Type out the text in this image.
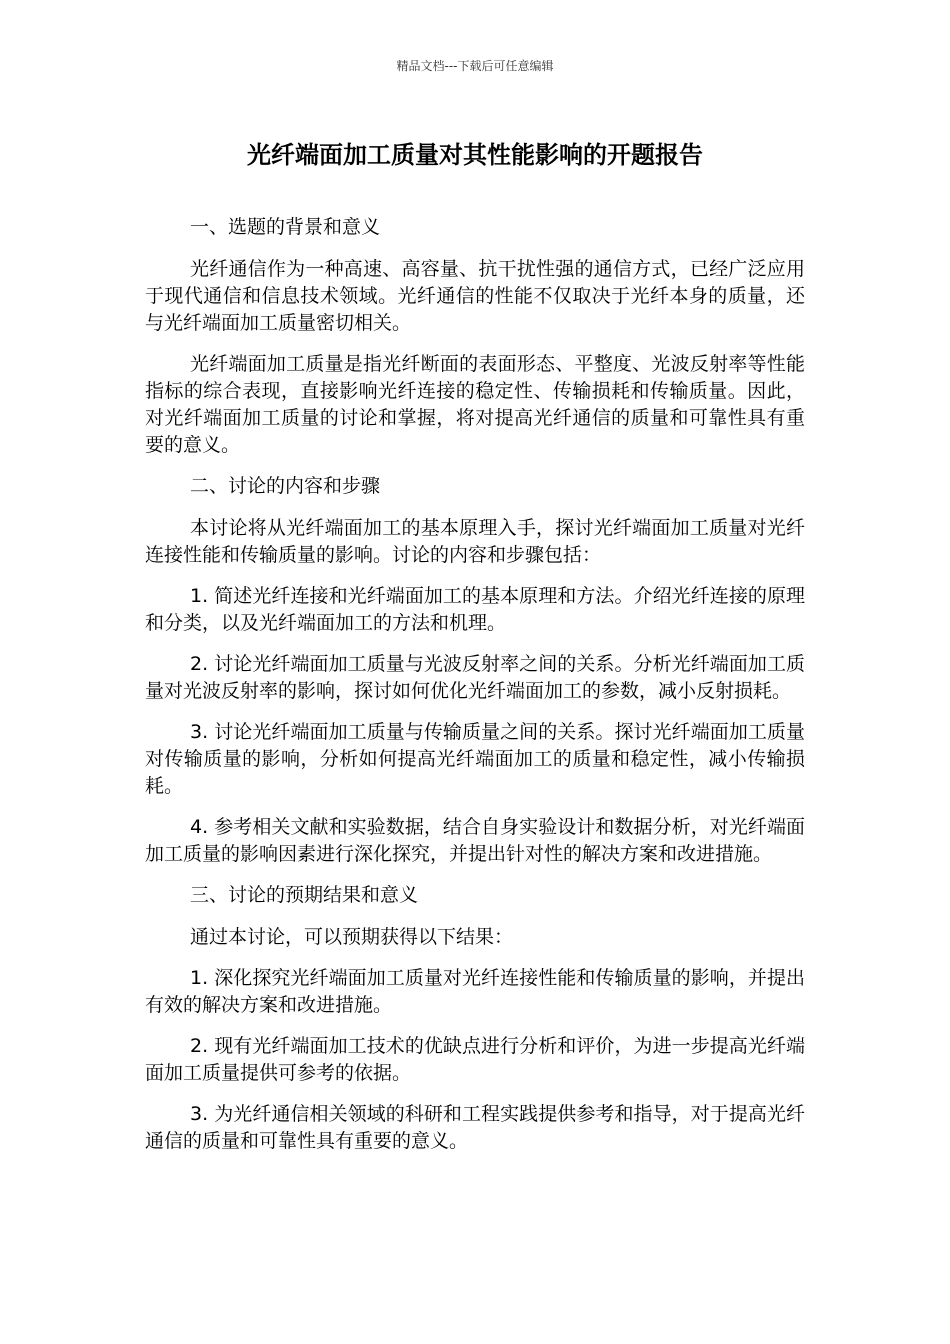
精品文档---下载后可任意编辑
光纤端面加工质量对其性能影响的开题报告

一、选题的背景和意义

光纤通信作为一种高速、高容量、抗干扰性强的通信方式，已经广泛应用于现代通信和信息技术领域。光纤通信的性能不仅取决于光纤本身的质量，还与光纤端面加工质量密切相关。

光纤端面加工质量是指光纤断面的表面形态、平整度、光波反射率等性能指标的综合表现，直接影响光纤连接的稳定性、传输损耗和传输质量。因此，对光纤端面加工质量的讨论和掌握，将对提高光纤通信的质量和可靠性具有重要的意义。

二、讨论的内容和步骤

本讨论将从光纤端面加工的基本原理入手，探讨光纤端面加工质量对光纤连接性能和传输质量的影响。讨论的内容和步骤包括：

1. 简述光纤连接和光纤端面加工的基本原理和方法。介绍光纤连接的原理和分类，以及光纤端面加工的方法和机理。

2. 讨论光纤端面加工质量与光波反射率之间的关系。分析光纤端面加工质量对光波反射率的影响，探讨如何优化光纤端面加工的参数，减小反射损耗。

3. 讨论光纤端面加工质量与传输质量之间的关系。探讨光纤端面加工质量对传输质量的影响，分析如何提高光纤端面加工的质量和稳定性，减小传输损耗。

4. 参考相关文献和实验数据，结合自身实验设计和数据分析，对光纤端面加工质量的影响因素进行深化探究，并提出针对性的解决方案和改进措施。

三、讨论的预期结果和意义

通过本讨论，可以预期获得以下结果：

1. 深化探究光纤端面加工质量对光纤连接性能和传输质量的影响，并提出有效的解决方案和改进措施。

2. 现有光纤端面加工技术的优缺点进行分析和评价，为进一步提高光纤端面加工质量提供可参考的依据。

3. 为光纤通信相关领域的科研和工程实践提供参考和指导，对于提高光纤通信的质量和可靠性具有重要的意义。
